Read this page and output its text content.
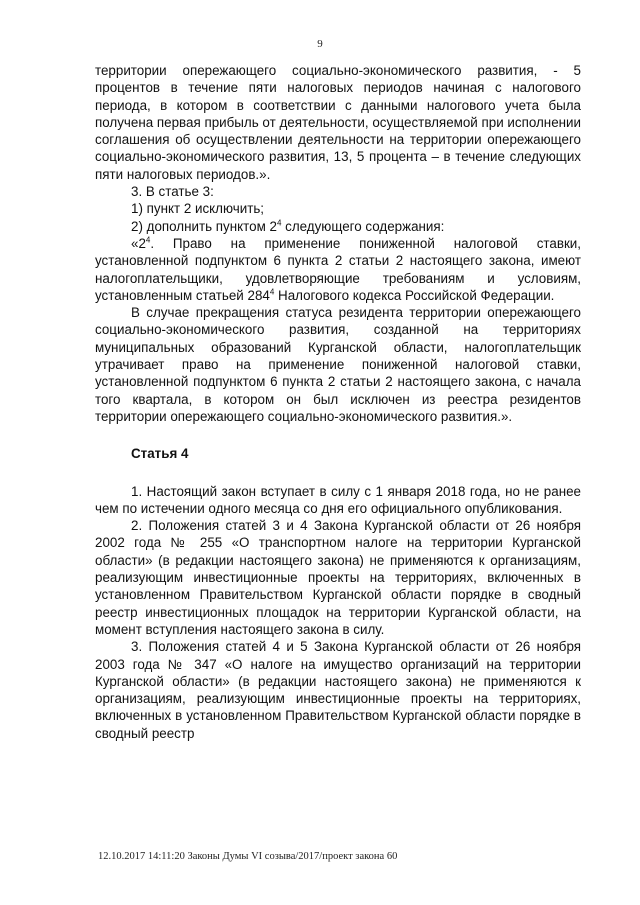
9

территории опережающего социально-экономического развития, - 5 процентов в течение пяти налоговых периодов начиная с налогового периода, в котором в соответствии с данными налогового учета была получена первая прибыль от деятельности, осуществляемой при исполнении соглашения об осуществлении деятельности на территории опережающего социально-экономического развития, 13, 5 процента – в течение следующих пяти налоговых периодов.».

3. В статье 3:

1) пункт 2 исключить;

2) дополнить пунктом $2^4$ следующего содержания:

«$2^4$. Право на применение пониженной налоговой ставки, установленной подпунктом 6 пункта 2 статьи 2 настоящего закона, имеют налогоплательщики, удовлетворяющие требованиям и условиям, установленным статьей $284^4$ Налогового кодекса Российской Федерации.

В случае прекращения статуса резидента территории опережающего социально-экономического развития, созданной на территориях муниципальных образований Курганской области, налогоплательщик утрачивает право на применение пониженной налоговой ставки, установленной подпунктом 6 пункта 2 статьи 2 настоящего закона, с начала того квартала, в котором он был исключен из реестра резидентов территории опережающего социально-экономического развития.».

Статья 4

1. Настоящий закон вступает в силу с 1 января 2018 года, но не ранее чем по истечении одного месяца со дня его официального опубликования.

2. Положения статей 3 и 4 Закона Курганской области от 26 ноября 2002 года № 255 «О транспортном налоге на территории Курганской области» (в редакции настоящего закона) не применяются к организациям, реализующим инвестиционные проекты на территориях, включенных в установленном Правительством Курганской области порядке в сводный реестр инвестиционных площадок на территории Курганской области, на момент вступления настоящего закона в силу.

3. Положения статей 4 и 5 Закона Курганской области от 26 ноября 2003 года № 347 «О налоге на имущество организаций на территории Курганской области» (в редакции настоящего закона) не применяются к организациям, реализующим инвестиционные проекты на территориях, включенных в установленном Правительством Курганской области порядке в сводный реестр

12.10.2017 14:11:20 Законы Думы VI созыва/2017/проект закона 60
